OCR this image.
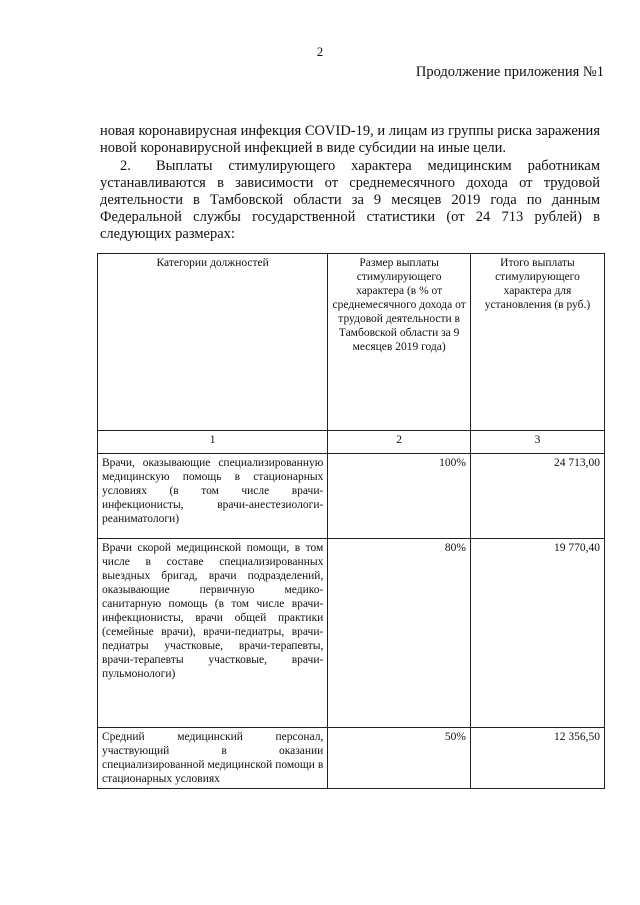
2
Продолжение приложения №1

новая коронавирусная инфекция COVID-19, и лицам из группы риска заражения новой коронавирусной инфекцией в виде субсидии на иные цели.

2. Выплаты стимулирующего характера медицинским работникам устанавливаются в зависимости от среднемесячного дохода от трудовой деятельности в Тамбовской области за 9 месяцев 2019 года по данным Федеральной службы государственной статистики (от 24 713 рублей) в следующих размерах:

Категории должностей	Размер выплаты стимулирующего характера (в % от среднемесячного дохода от трудовой деятельности в Тамбовской области за 9 месяцев 2019 года)	Итого выплаты стимулирующего характера для установления (в руб.)
1	2	3
Врачи, оказывающие специализированную медицинскую помощь в стационарных условиях (в том числе врачи-инфекционисты, врачи-анестезиологи- реаниматологи)	100%	24 713,00
Врачи скорой медицинской помощи, в том числе в составе специализированных выездных бригад, врачи подразделений, оказывающие первичную медико-санитарную помощь (в том числе врачи-инфекционисты, врачи общей практики (семейные врачи), врачи-педиатры, врачи- педиатры участковые, врачи-терапевты, врачи-терапевты участковые, врачи-пульмонологи)	80%	19 770,40
Средний медицинский персонал, участвующий в оказании специализированной медицинской помощи в стационарных условиях	50%	12 356,50
